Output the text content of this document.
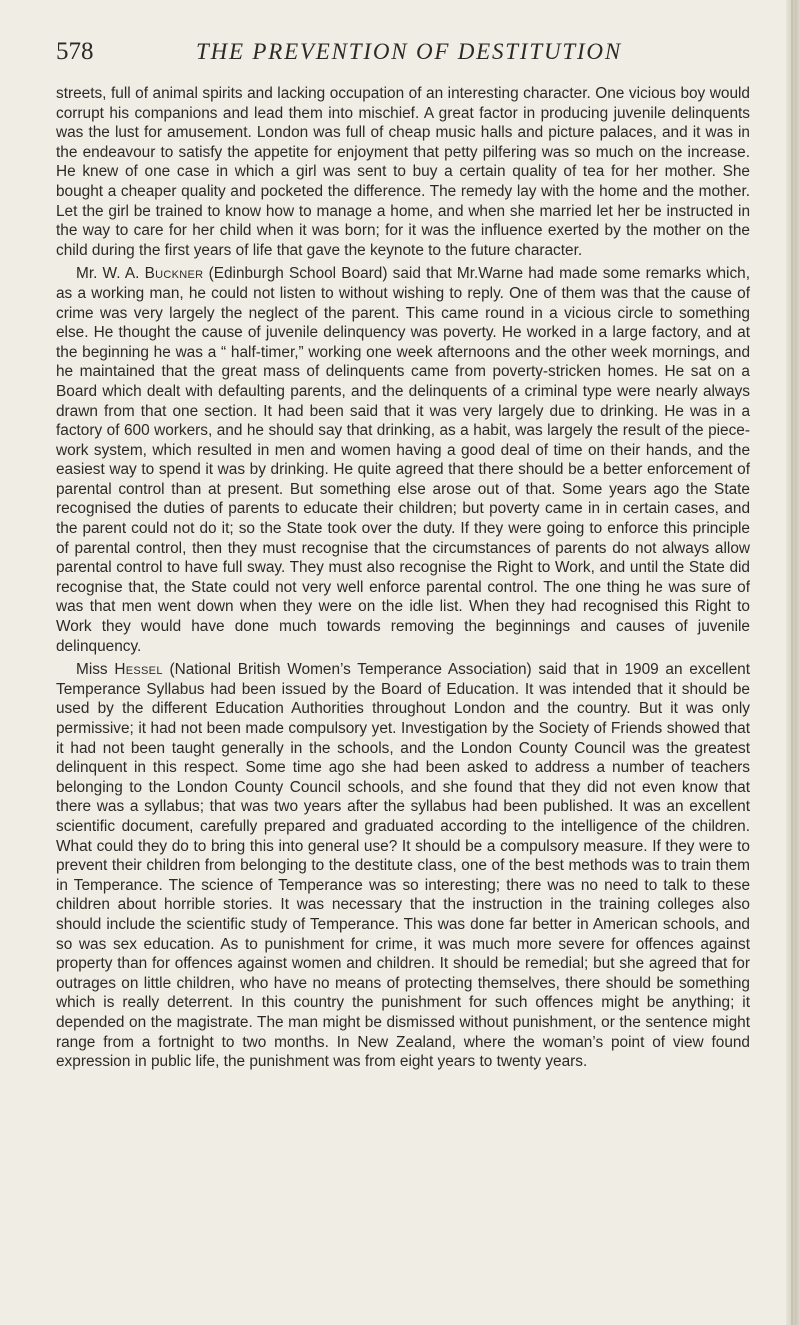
578	THE PREVENTION OF DESTITUTION

streets, full of animal spirits and lacking occupation of an interesting character. One vicious boy would corrupt his companions and lead them into mischief. A great factor in producing juvenile delinquents was the lust for amusement. London was full of cheap music halls and picture palaces, and it was in the endeavour to satisfy the appetite for enjoyment that petty pilfering was so much on the increase. He knew of one case in which a girl was sent to buy a certain quality of tea for her mother. She bought a cheaper quality and pocketed the difference. The remedy lay with the home and the mother. Let the girl be trained to know how to manage a home, and when she married let her be instructed in the way to care for her child when it was born; for it was the influence exerted by the mother on the child during the first years of life that gave the keynote to the future character.

Mr. W. A. Buckner (Edinburgh School Board) said that Mr.Warne had made some remarks which, as a working man, he could not listen to without wishing to reply. One of them was that the cause of crime was very largely the neglect of the parent. This came round in a vicious circle to something else. He thought the cause of juvenile delinquency was poverty. He worked in a large factory, and at the beginning he was a “ half-timer,” working one week afternoons and the other week mornings, and he maintained that the great mass of delinquents came from poverty-stricken homes. He sat on a Board which dealt with defaulting parents, and the delinquents of a criminal type were nearly always drawn from that one section. It had been said that it was very largely due to drinking. He was in a factory of 600 workers, and he should say that drinking, as a habit, was largely the result of the piece-work system, which resulted in men and women having a good deal of time on their hands, and the easiest way to spend it was by drinking. He quite agreed that there should be a better enforcement of parental control than at present. But something else arose out of that. Some years ago the State recognised the duties of parents to educate their children; but poverty came in in certain cases, and the parent could not do it; so the State took over the duty. If they were going to enforce this principle of parental control, then they must recognise that the circumstances of parents do not always allow parental control to have full sway. They must also recognise the Right to Work, and until the State did recognise that, the State could not very well enforce parental control. The one thing he was sure of was that men went down when they were on the idle list. When they had recognised this Right to Work they would have done much towards removing the beginnings and causes of juvenile delinquency.

Miss Hessel (National British Women’s Temperance Association) said that in 1909 an excellent Temperance Syllabus had been issued by the Board of Education. It was intended that it should be used by the different Education Authorities throughout London and the country. But it was only permissive; it had not been made compulsory yet. Investigation by the Society of Friends showed that it had not been taught generally in the schools, and the London County Council was the greatest delinquent in this respect. Some time ago she had been asked to address a number of teachers belonging to the London County Council schools, and she found that they did not even know that there was a syllabus; that was two years after the syllabus had been published. It was an excellent scientific document, carefully prepared and graduated according to the intelligence of the children. What could they do to bring this into general use? It should be a compulsory measure. If they were to prevent their children from belonging to the destitute class, one of the best methods was to train them in Temperance. The science of Temperance was so interesting; there was no need to talk to these children about horrible stories. It was necessary that the instruction in the training colleges also should include the scientific study of Temperance. This was done far better in American schools, and so was sex education. As to punishment for crime, it was much more severe for offences against property than for offences against women and children. It should be remedial; but she agreed that for outrages on little children, who have no means of protecting themselves, there should be something which is really deterrent. In this country the punishment for such offences might be anything; it depended on the magistrate. The man might be dismissed without punishment, or the sentence might range from a fortnight to two months. In New Zealand, where the woman’s point of view found expression in public life, the punishment was from eight years to twenty years.
